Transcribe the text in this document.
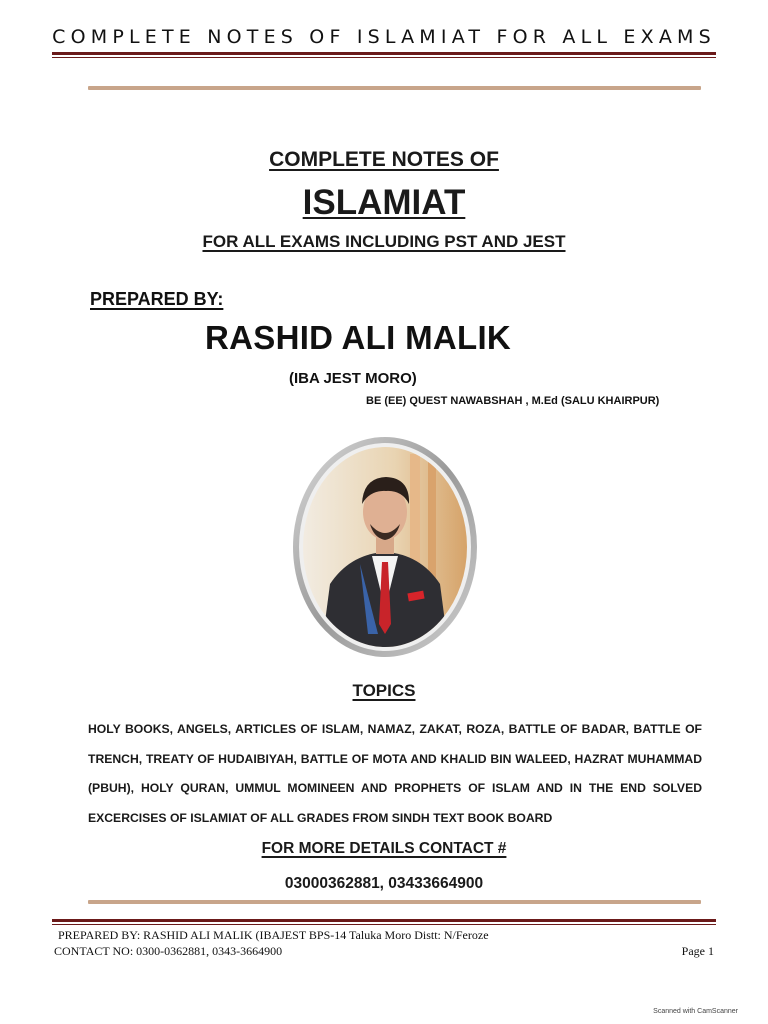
COMPLETE NOTES OF ISLAMIAT FOR ALL EXAMS
COMPLETE NOTES OF
ISLAMIAT
FOR ALL EXAMS INCLUDING PST AND JEST
PREPARED BY:
RASHID ALI MALIK
(IBA JEST MORO)
BE (EE) QUEST NAWABSHAH , M.Ed (SALU KHAIRPUR)
TOPICS
HOLY BOOKS, ANGELS, ARTICLES OF ISLAM, NAMAZ, ZAKAT, ROZA, BATTLE OF BADAR, BATTLE OF TRENCH, TREATY OF HUDAIBIYAH, BATTLE OF MOTA AND KHALID BIN WALEED, HAZRAT MUHAMMAD (PBUH), HOLY QURAN, UMMUL MOMINEEN AND PROPHETS OF ISLAM AND IN THE END SOLVED EXCERCISES OF ISLAMIAT OF ALL GRADES FROM SINDH TEXT BOOK BOARD
FOR MORE DETAILS CONTACT #
03000362881, 03433664900
PREPARED BY: RASHID ALI MALIK (IBAJEST BPS-14 Taluka Moro Distt: N/Feroze
CONTACT NO: 0300-0362881, 0343-3664900	Page 1
Scanned with CamScanner
